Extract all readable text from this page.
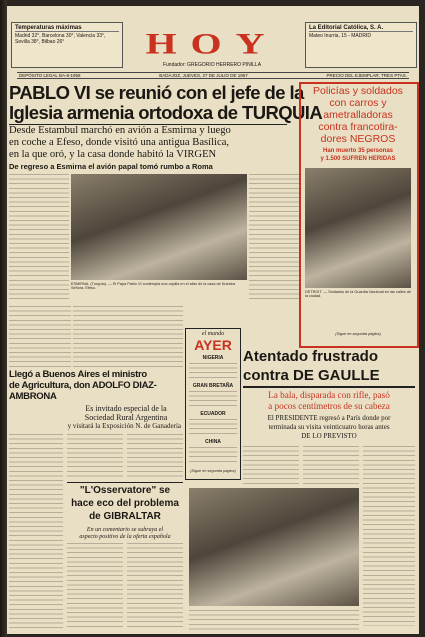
Temperaturas máximas
Madrid 32°, Barcelona 30°, Valencia 33°, Sevilla 38°, Bilbao 26°	HOY
Fundador: GREGORIO HERRERO PINILLA
La Editorial Católica, S. A.
Mateo Inurria, 15 - MADRID
DEPÓSITO LEGAL BA-8-1958	BADAJOZ, JUEVES, 27 DE JULIO DE 1967	PRECIO DEL EJEMPLAR: TRES PTAS.
PABLO VI se reunió con el jefe de la
Iglesia armenia ortodoxa de TURQUIA
Desde Estambul marchó en avión a Esmirna y luego
en coche a Efeso, donde visitó una antigua Basílica,
en la que oró, y la casa donde habitó la VIRGEN
De regreso a Esmirna el avión papal tomó rumbo a Roma
ESMIRNA. (Turquía). — El Papa Pablo VI contempla una capilla en el altar de la casa de Nuestra Señora. Efeso.
Policías y soldados
con carros y
ametralladoras
contra francotira-
dores NEGROS
Han muerto 35 personas
y 1.500 SUFREN HERIDAS
DETROIT. — Soldados de la Guardia Nacional en las calles de la ciudad.
(Sigue en segunda página)
el mundo
AYER
NIGERIA
GRAN BRETAÑA
ECUADOR
CHINA
(Sigue en segunda página)
Atentado frustrado
contra DE GAULLE
La bala, disparada con rifle, pasó
a pocos centímetros de su cabeza
El PRESIDENTE regresó a París donde por
terminada su visita veinticuatro horas antes
DE LO PREVISTO
Llegó a Buenos Aires el ministro
de Agricultura, don ADOLFO DIAZ-
AMBRONA
Es invitado especial de la
Sociedad Rural Argentina
y visitará la Exposición N. de Ganadería
"L'Osservatore" se
hace eco del problema
de GIBRALTAR
En un comentario se subraya el
aspecto positivo de la oferta española
